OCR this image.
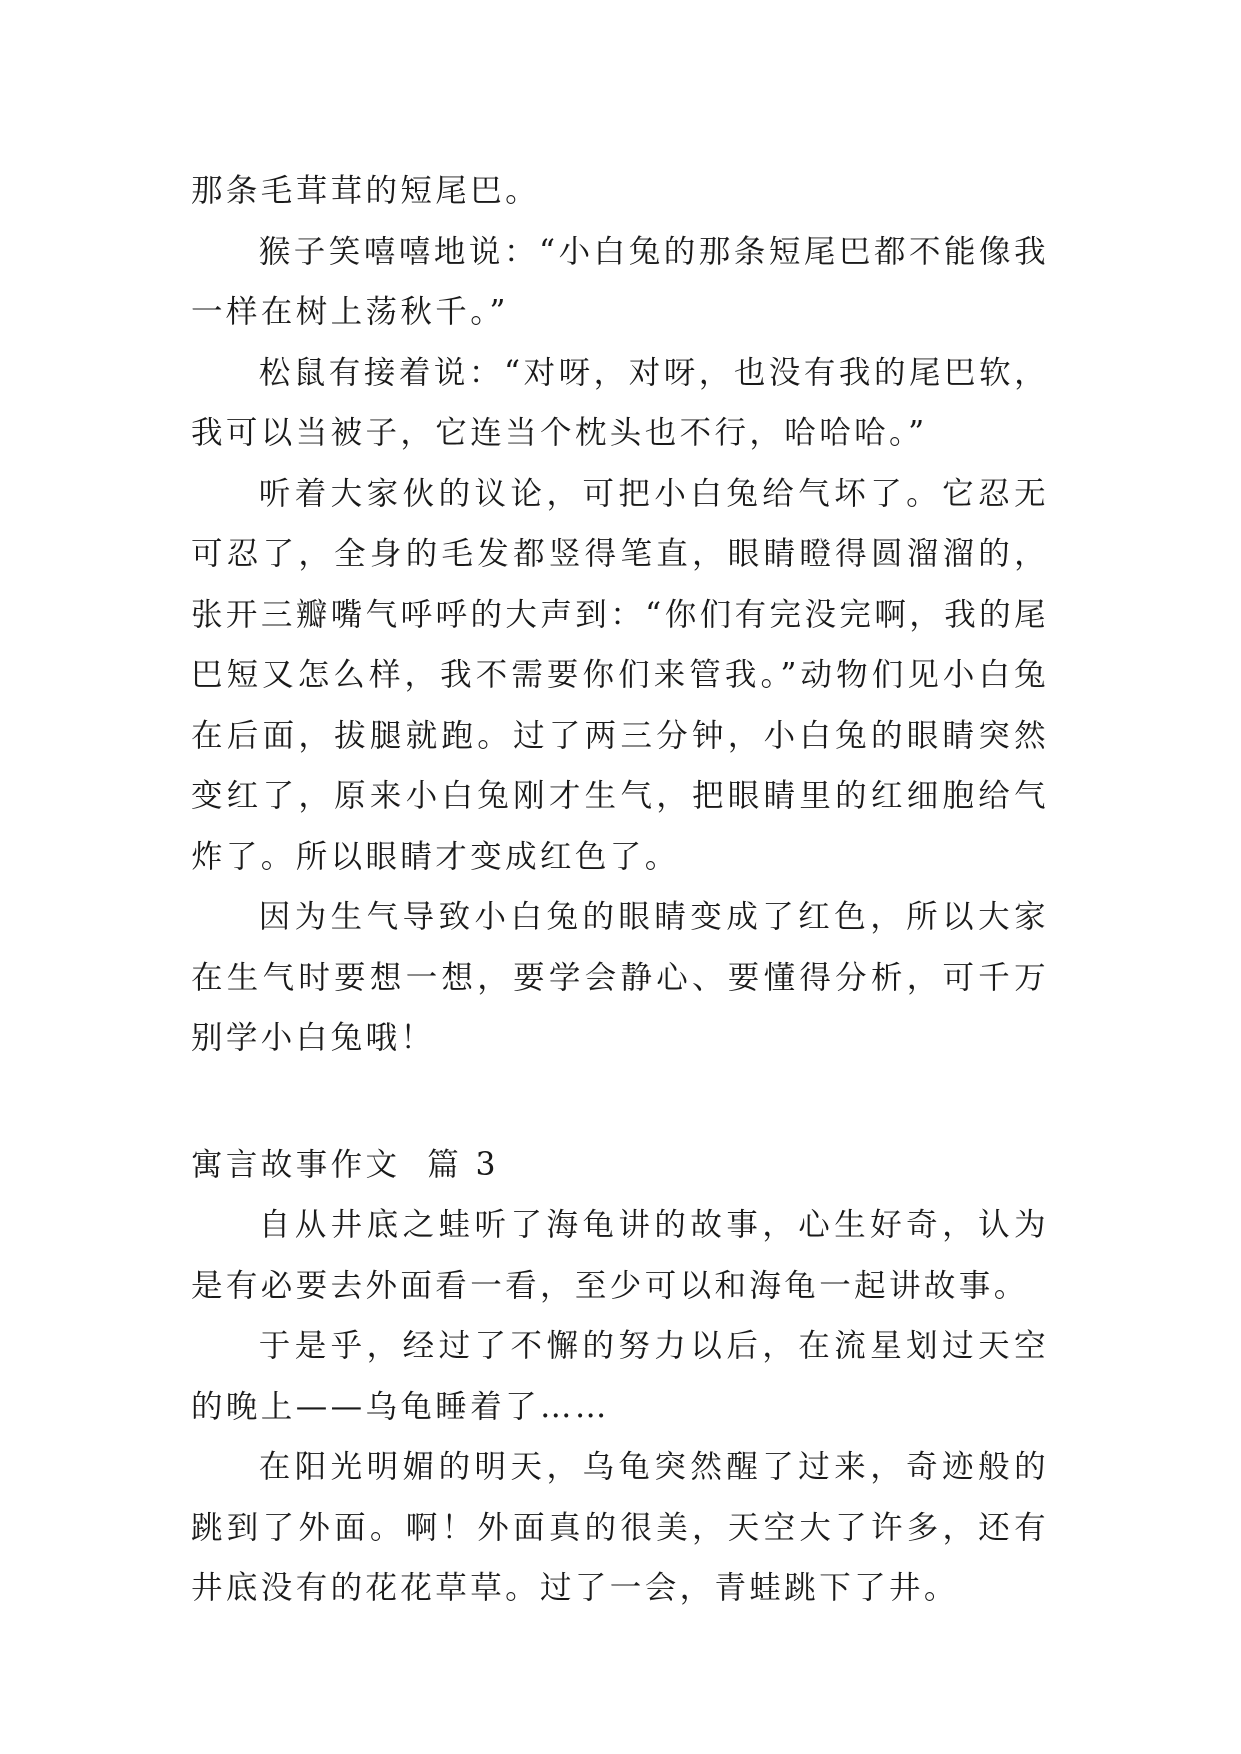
那条毛茸茸的短尾巴。

猴子笑嘻嘻地说：“小白兔的那条短尾巴都不能像我一样在树上荡秋千。”

松鼠有接着说：“对呀，对呀，也没有我的尾巴软，我可以当被子，它连当个枕头也不行，哈哈哈。”

听着大家伙的议论，可把小白兔给气坏了。它忍无可忍了，全身的毛发都竖得笔直，眼睛瞪得圆溜溜的，张开三瓣嘴气呼呼的大声到：“你们有完没完啊，我的尾巴短又怎么样，我不需要你们来管我。”动物们见小白兔在后面，拔腿就跑。过了两三分钟，小白兔的眼睛突然变红了，原来小白兔刚才生气，把眼睛里的红细胞给气炸了。所以眼睛才变成红色了。

因为生气导致小白兔的眼睛变成了红色，所以大家在生气时要想一想，要学会静心、要懂得分析，可千万别学小白兔哦！

寓言故事作文  篇 3

自从井底之蛙听了海龟讲的故事，心生好奇，认为是有必要去外面看一看，至少可以和海龟一起讲故事。

于是乎，经过了不懈的努力以后，在流星划过天空的晚上——乌龟睡着了……

在阳光明媚的明天，乌龟突然醒了过来，奇迹般的跳到了外面。啊！外面真的很美，天空大了许多，还有井底没有的花花草草。过了一会，青蛙跳下了井。
